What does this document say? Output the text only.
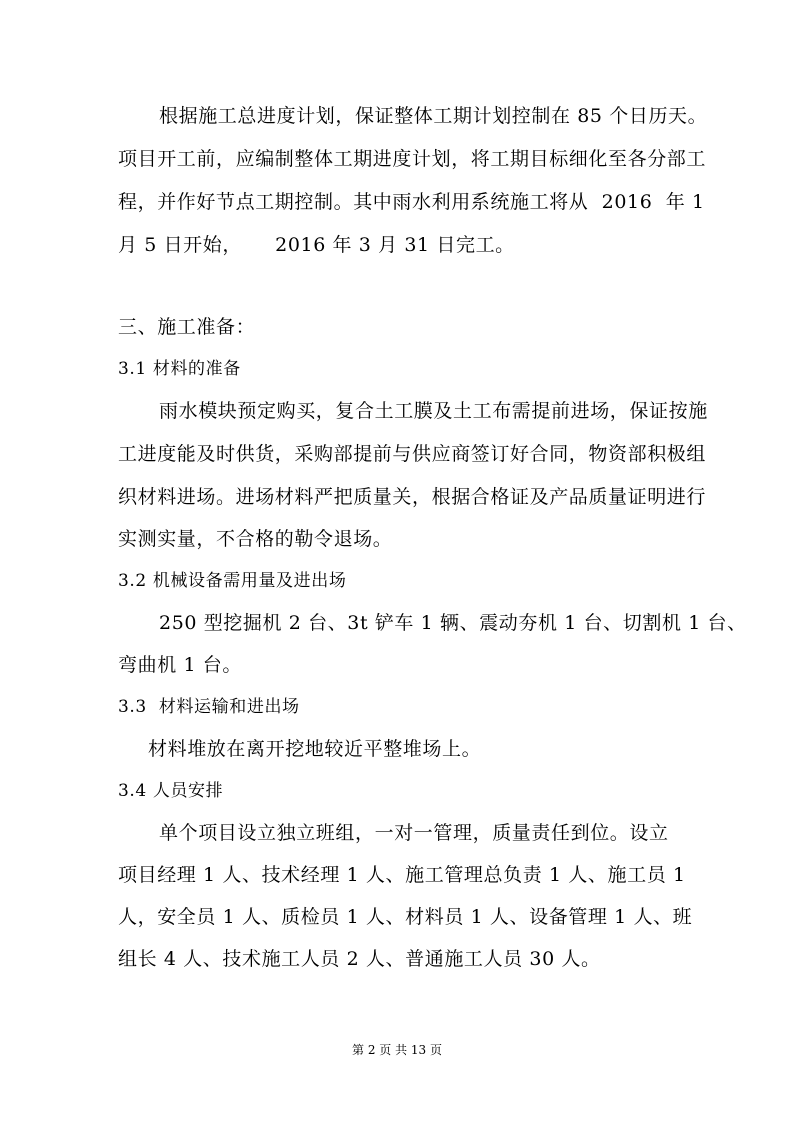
根据施工总进度计划，保证整体工期计划控制在 85 个日历天。
项目开工前，应编制整体工期进度计划，将工期目标细化至各分部工
程，并作好节点工期控制。其中雨水利用系统施工将从  2016  年 1
月 5 日开始，     2016 年 3 月 31 日完工。
三、施工准备：
3.1 材料的准备
雨水模块预定购买，复合土工膜及土工布需提前进场，保证按施
工进度能及时供货，采购部提前与供应商签订好合同，物资部积极组
织材料进场。进场材料严把质量关，根据合格证及产品质量证明进行
实测实量，不合格的勒令退场。
3.2 机械设备需用量及进出场
250 型挖掘机 2 台、3t 铲车 1 辆、震动夯机 1 台、切割机 1 台、
弯曲机 1 台。
3.3  材料运输和进出场
材料堆放在离开挖地较近平整堆场上。
3.4 人员安排
单个项目设立独立班组，一对一管理，质量责任到位。设立
项目经理 1 人、技术经理 1 人、施工管理总负责 1 人、施工员 1
人，安全员 1 人、质检员 1 人、材料员 1 人、设备管理 1 人、班
组长 4 人、技术施工人员 2 人、普通施工人员 30 人。
第 2 页 共 13 页
